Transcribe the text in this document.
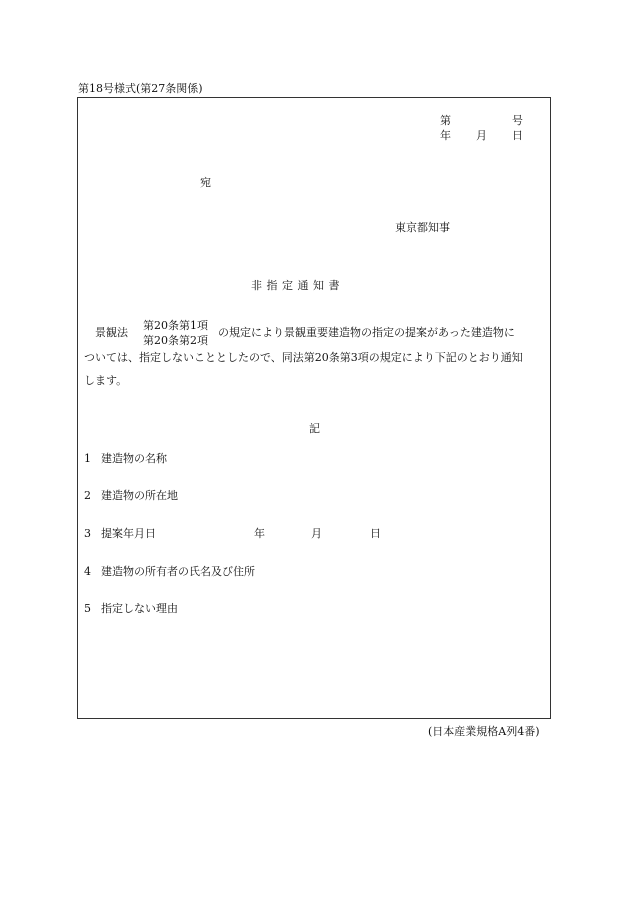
第18号様式(第27条関係)
第	号
年 月 日
宛
東京都知事
非 指 定 通 知 書
景観法
第20条第1項
第20条第2項
の規定により景観重要建造物の指定の提案があった建造物に
ついては、指定しないこととしたので、同法第20条第3項の規定により下記のとおり通知
します。
記
1 建造物の名称
2 建造物の所在地
3 提案年月日	年	月	日
4 建造物の所有者の氏名及び住所
5 指定しない理由
(日本産業規格A列4番)
